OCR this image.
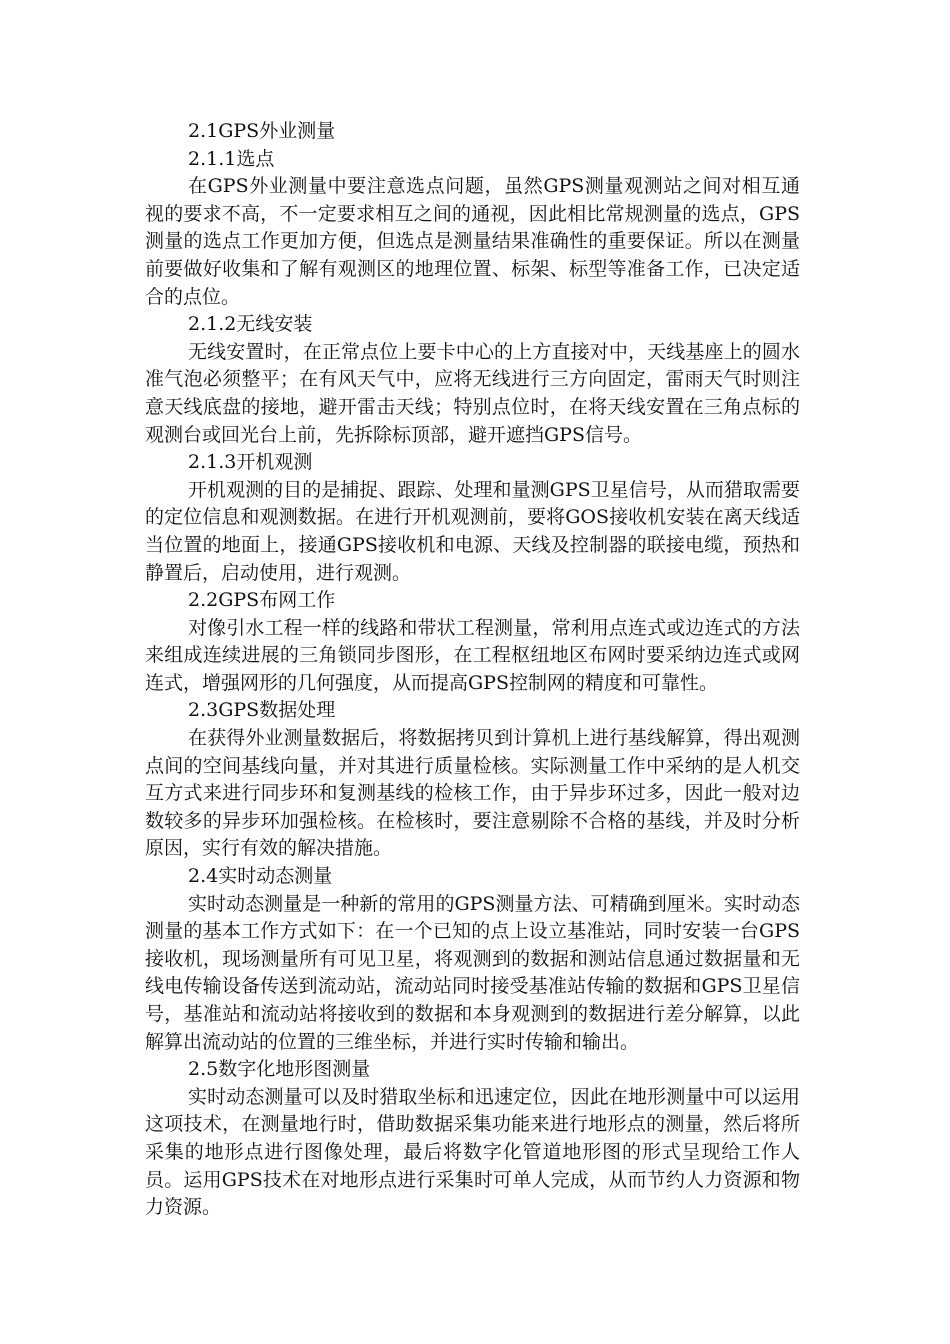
2.1GPS外业测量
2.1.1选点

在GPS外业测量中要注意选点问题，虽然GPS测量观测站之间对相互通视的要求不高，不一定要求相互之间的通视，因此相比常规测量的选点，GPS测量的选点工作更加方便，但选点是测量结果准确性的重要保证。所以在测量前要做好收集和了解有观测区的地理位置、标架、标型等准备工作，已决定适合的点位。

2.1.2无线安装

无线安置时，在正常点位上要卡中心的上方直接对中，天线基座上的圆水准气泡必须整平；在有风天气中，应将无线进行三方向固定，雷雨天气时则注意天线底盘的接地，避开雷击天线；特别点位时，在将天线安置在三角点标的观测台或回光台上前，先拆除标顶部，避开遮挡GPS信号。

2.1.3开机观测

开机观测的目的是捕捉、跟踪、处理和量测GPS卫星信号，从而猎取需要的定位信息和观测数据。在进行开机观测前，要将GOS接收机安装在离天线适当位置的地面上，接通GPS接收机和电源、天线及控制器的联接电缆，预热和静置后，启动使用，进行观测。

2.2GPS布网工作

对像引水工程一样的线路和带状工程测量，常利用点连式或边连式的方法来组成连续进展的三角锁同步图形，在工程枢纽地区布网时要采纳边连式或网连式，增强网形的几何强度，从而提高GPS控制网的精度和可靠性。

2.3GPS数据处理

在获得外业测量数据后，将数据拷贝到计算机上进行基线解算，得出观测点间的空间基线向量，并对其进行质量检核。实际测量工作中采纳的是人机交互方式来进行同步环和复测基线的检核工作，由于异步环过多，因此一般对边数较多的异步环加强检核。在检核时，要注意剔除不合格的基线，并及时分析原因，实行有效的解决措施。

2.4实时动态测量

实时动态测量是一种新的常用的GPS测量方法、可精确到厘米。实时动态测量的基本工作方式如下：在一个已知的点上设立基准站，同时安装一台GPS接收机，现场测量所有可见卫星，将观测到的数据和测站信息通过数据量和无线电传输设备传送到流动站，流动站同时接受基准站传输的数据和GPS卫星信号，基准站和流动站将接收到的数据和本身观测到的数据进行差分解算，以此解算出流动站的位置的三维坐标，并进行实时传输和输出。

2.5数字化地形图测量

实时动态测量可以及时猎取坐标和迅速定位，因此在地形测量中可以运用这项技术，在测量地行时，借助数据采集功能来进行地形点的测量，然后将所采集的地形点进行图像处理，最后将数字化管道地形图的形式呈现给工作人员。运用GPS技术在对地形点进行采集时可单人完成，从而节约人力资源和物力资源。
